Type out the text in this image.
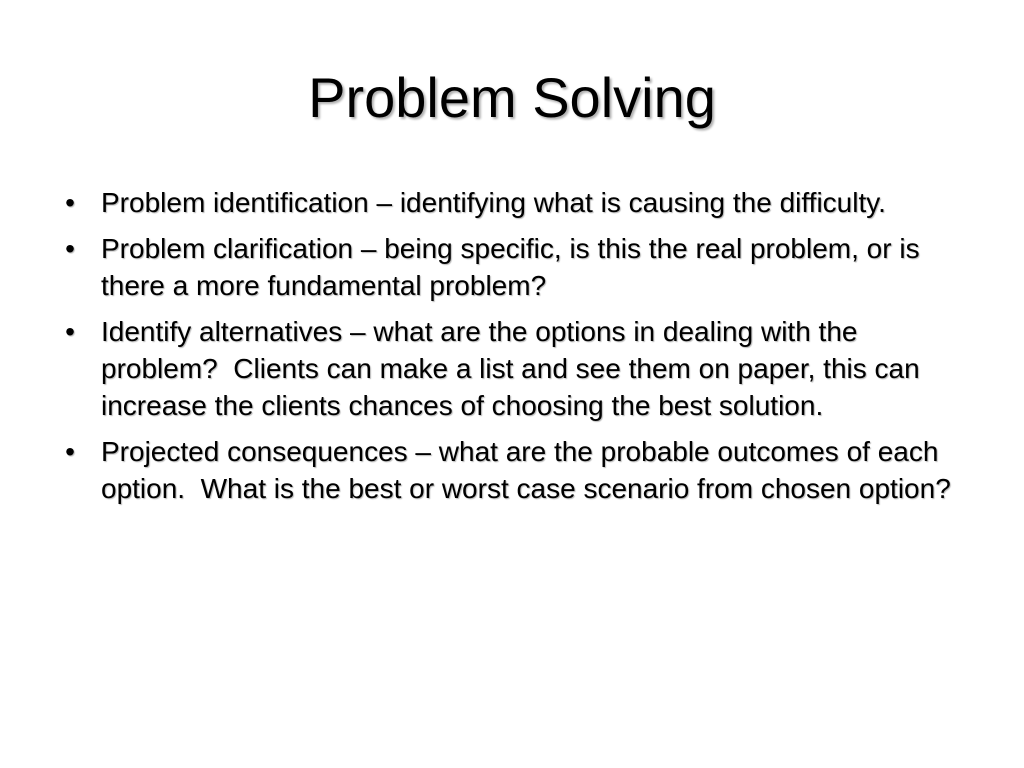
Problem Solving
• Problem identification – identifying what is causing the difficulty.
• Problem clarification – being specific, is this the real problem, or is there a more fundamental problem?
• Identify alternatives – what are the options in dealing with the problem?  Clients can make a list and see them on paper, this can increase the clients chances of choosing the best solution.
• Projected consequences – what are the probable outcomes of each option.  What is the best or worst case scenario from chosen option?
